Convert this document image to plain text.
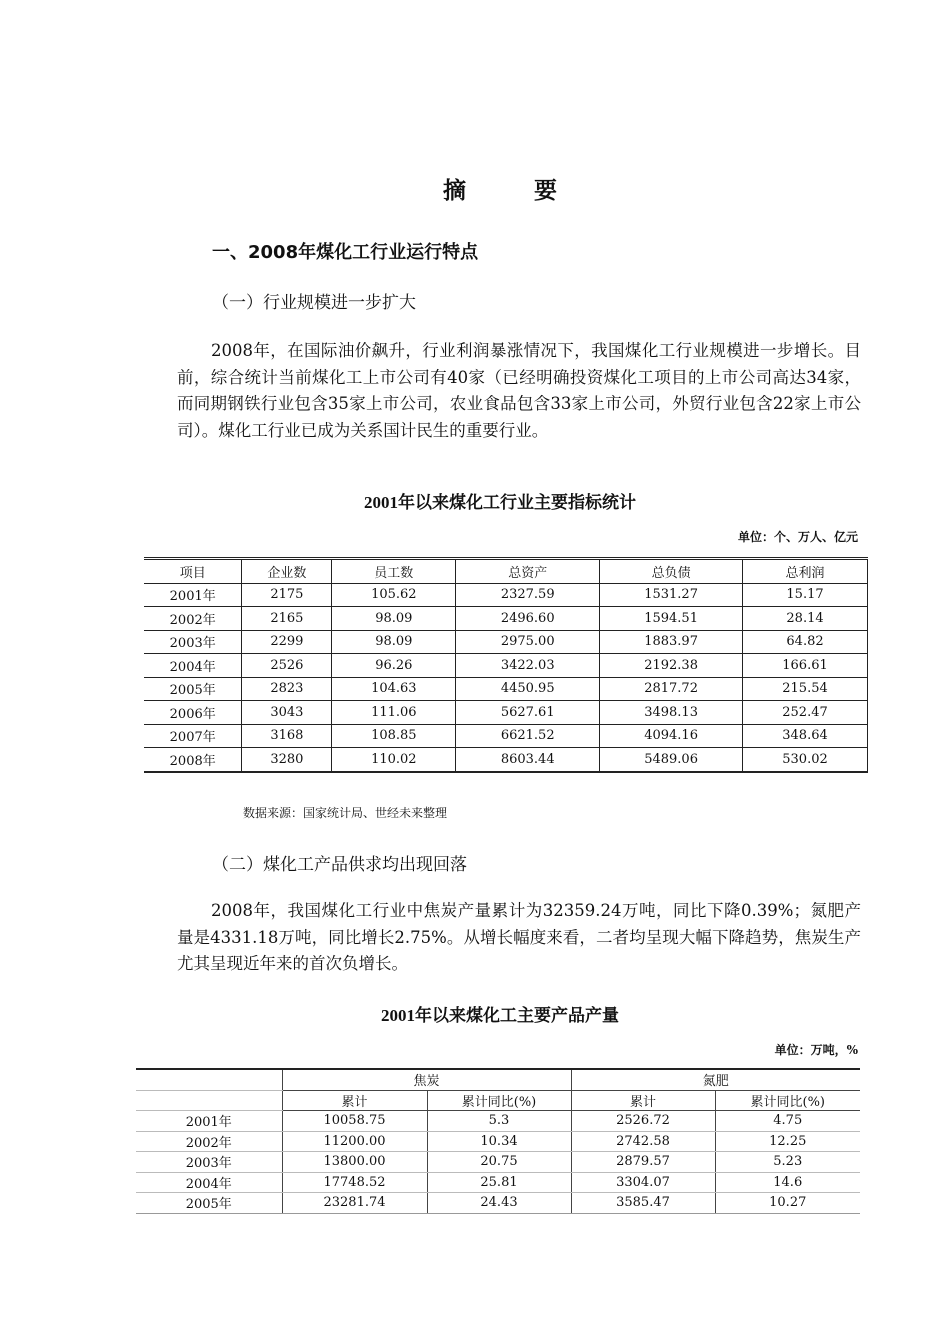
摘 要
一、2008年煤化工行业运行特点
（一）行业规模进一步扩大
2008年，在国际油价飙升，行业利润暴涨情况下，我国煤化工行业规模进一步增长。目前，综合统计当前煤化工上市公司有40家（已经明确投资煤化工项目的上市公司高达34家，而同期钢铁行业包含35家上市公司，农业食品包含33家上市公司，外贸行业包含22家上市公司）。煤化工行业已成为关系国计民生的重要行业。
2001年以来煤化工行业主要指标统计
单位：个、万人、亿元
项目	企业数	员工数	总资产	总负债	总利润
2001年	2175	105.62	2327.59	1531.27	15.17
2002年	2165	98.09	2496.60	1594.51	28.14
2003年	2299	98.09	2975.00	1883.97	64.82
2004年	2526	96.26	3422.03	2192.38	166.61
2005年	2823	104.63	4450.95	2817.72	215.54
2006年	3043	111.06	5627.61	3498.13	252.47
2007年	3168	108.85	6621.52	4094.16	348.64
2008年	3280	110.02	8603.44	5489.06	530.02
数据来源：国家统计局、世经未来整理
（二）煤化工产品供求均出现回落
2008年，我国煤化工行业中焦炭产量累计为32359.24万吨，同比下降0.39%；氮肥产量是4331.18万吨，同比增长2.75%。从增长幅度来看，二者均呈现大幅下降趋势，焦炭生产尤其呈现近年来的首次负增长。
2001年以来煤化工主要产品产量
单位：万吨，%
	焦炭		氮肥	
	累计	累计同比(%)	累计	累计同比(%)
2001年	10058.75	5.3	2526.72	4.75
2002年	11200.00	10.34	2742.58	12.25
2003年	13800.00	20.75	2879.57	5.23
2004年	17748.52	25.81	3304.07	14.6
2005年	23281.74	24.43	3585.47	10.27
